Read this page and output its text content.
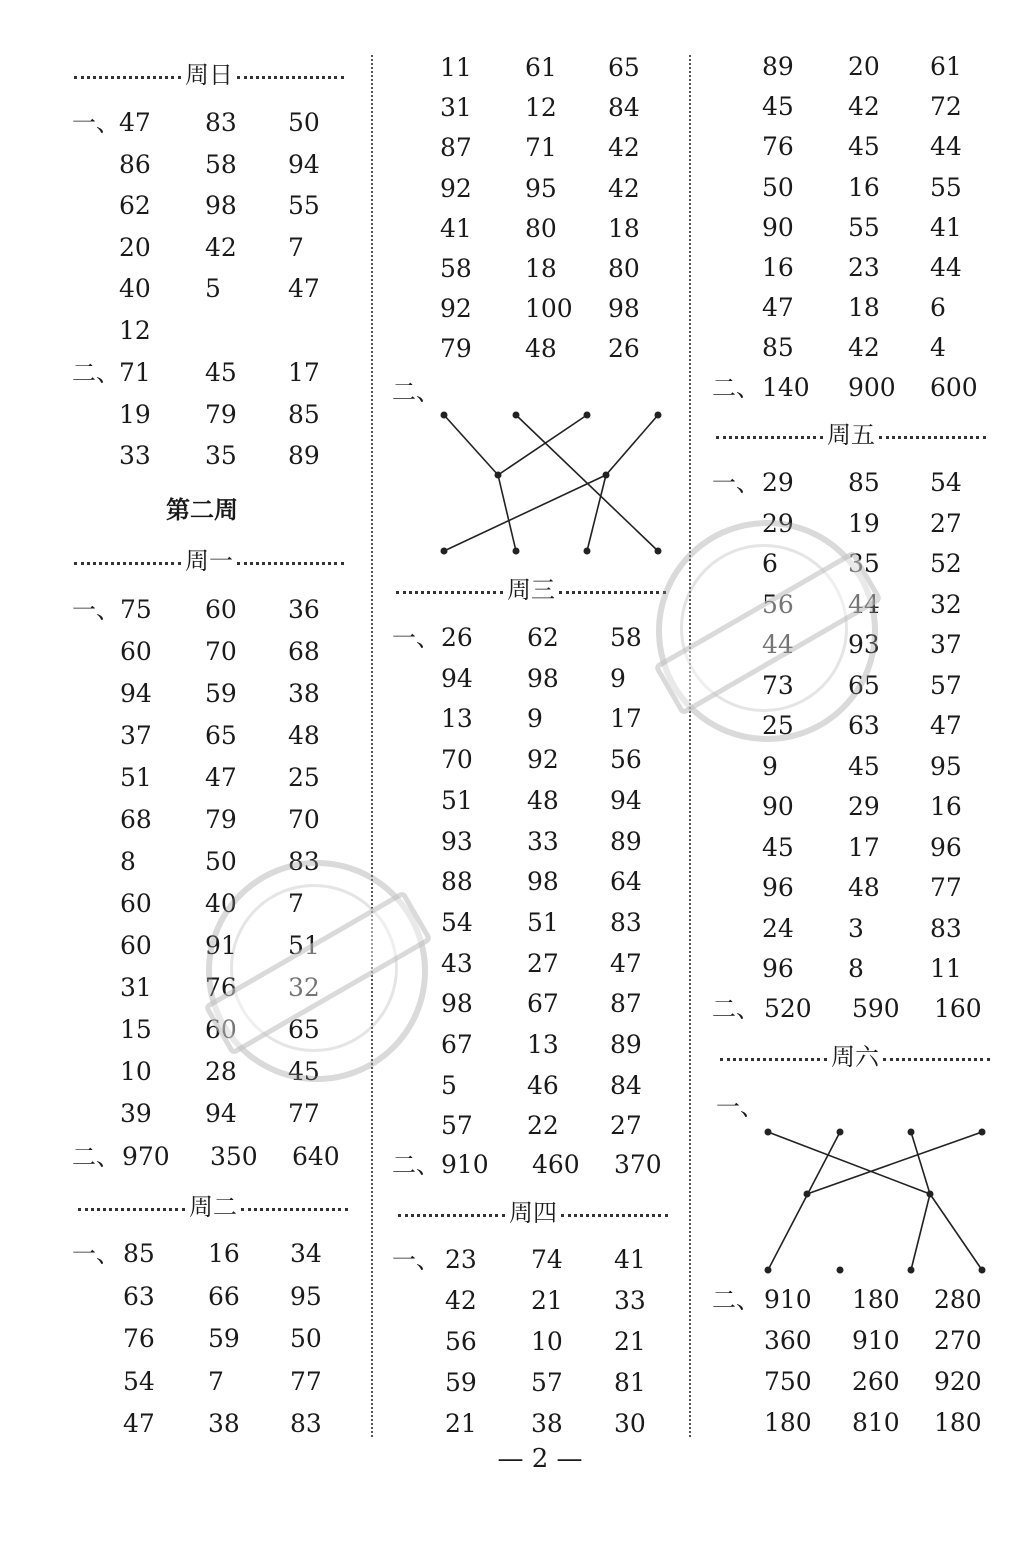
周日
一、 47 83 50
86 58 94
62 98 55
20 42 7
40 5	47
12
二、 71 45 17
19 79 85
33 35 89
第二周
周一
一、 75 60 36
60 70 68
94 59 38
37 65 48
51 47 25
68 79 70
8	50 83
60 40 7
60 91 51
31 76 32
15 60 65
10 28 45
39 94 77
二、 970 350 640
周二
一、 85 16 34
63 66 95
76 59 50
54 7	77
47 38 83
11 61 65
31 12 84
87 71 42
92 95 42
41 80 18
58 18 80
92 100 98
79 48 26
二、
周三
一、 26 62 58
94 98 9
13 9	17
70 92 56
51 48 94
93 33 89
88 98 64
54 51 83
43 27 47
98 67 87
67 13 89
5	46 84
57 22 27
二、 910 460 370
周四
一、 23 74 41
42 21 33
56 10 21
59 57 81
21 38 30
89 20 61
45 42 72
76 45 44
50 16 55
90 55 41
16 23 44
47 18 6
85 42 4
二、 140 900 600
周五
一、 29 85 54
29 19 27
6	35 52
56 44 32
44 93 37
73 65 57
25 63 47
9	45 95
90 29 16
45 17 96
96 48 77
24 3	83
96 8	11
二、 520 590 160
周六
一、
二、 910 180 280
360 910 270
750 260 920
180 810 180
— 2 —
